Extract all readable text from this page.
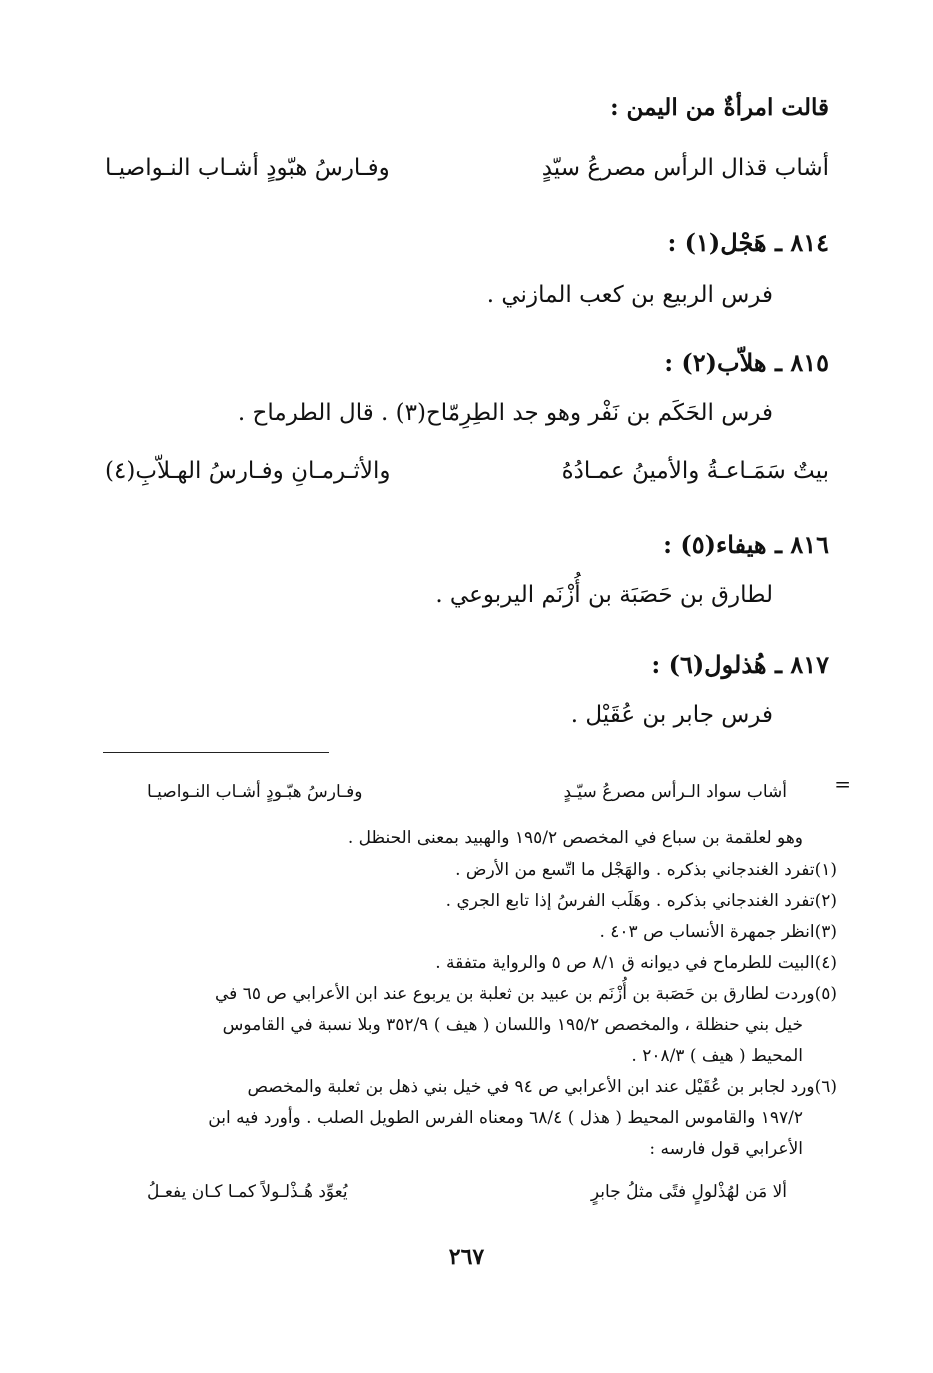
قالت امرأةٌ من اليمن :
أشاب قذال الرأس مصرعُ سيّدٍ
وفـارسُ هبّودٍ أشـاب النـواصيـا
٨١٤ ـ هَجْل(١) :
فرس الربيع بن كعب المازني .
٨١٥ ـ هلاّب(٢) :
فرس الحَكَم بن نَفْر وهو جد الطِرِمّاح(٣) . قال الطرماح .
بيتٌ سَمَـاعـةُ والأمينُ عمـادُهُ
والأثـرمـانِ وفـارسُ الهـلاّبِ(٤)
٨١٦ ـ هيفاء(٥) :
لطارق بن حَصَبَة بن أُزْنَم اليربوعي .
٨١٧ ـ هُذلول(٦) :
فرس جابر بن عُقَيْل .
=
أشاب سواد الـرأس مصرعُ سيّـدٍ
وفـارسُ هبّـودٍ أشـاب النـواصيـا
وهو لعلقمة بن سباع في المخصص ١٩٥/٢ والهبيد بمعنى الحنظل .
(١)تفرد الغندجاني بذكره . والهَجْل ما اتّسع من الأرض .
(٢)تفرد الغندجاني بذكره . وهَلَب الفرسُ إذا تابع الجري .
(٣)انظر جمهرة الأنساب ص ٤٠٣ .
(٤)البيت للطرماح في ديوانه ق ٨/١ ص ٥ والرواية متفقة .
(٥)وردت لطارق بن حَصَبة بن أُزْنَم بن عبيد بن ثعلبة بن يربوع عند ابن الأعرابي ص ٦٥ في
خيل بني حنظلة ، والمخصص ١٩٥/٢ واللسان ( هيف ) ٣٥٢/٩ وبلا نسبة في القاموس
المحيط ( هيف ) ٢٠٨/٣ .
(٦)ورد لجابر بن عُقَيْل عند ابن الأعرابي ص ٩٤ في خيل بني ذهل بن ثعلبة والمخصص
١٩٧/٢ والقاموس المحيط ( هذل ) ٦٨/٤ ومعناه الفرس الطويل الصلب . وأورد فيه ابن
الأعرابي قول فارسه :
ألا مَن لهُذْلولٍ فتًى مثلُ جابرٍ
يُعوِّد هُـذْلـولاً كمـا كـان يفعـلُ
٢٦٧
